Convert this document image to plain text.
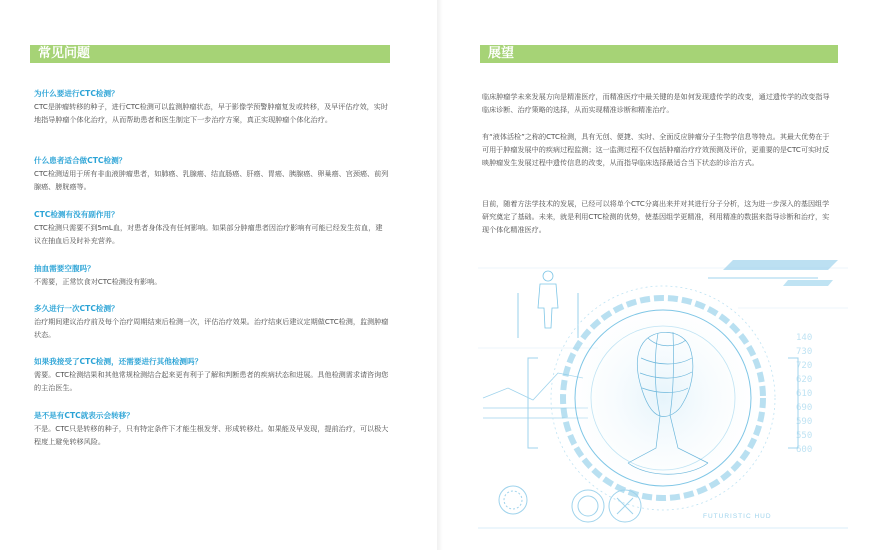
常见问题

为什么要进行CTC检测？

CTC是肿瘤转移的种子，进行CTC检测可以监测肿瘤状态，早于影像学预警肿瘤复发或转移，及早评估疗效，实时地指导肿瘤个体化治疗，从而帮助患者和医生制定下一步治疗方案，真正实现肿瘤个体化治疗。

什么患者适合做CTC检测？

CTC检测适用于所有非血液肿瘤患者，如肺癌、乳腺癌、结直肠癌、肝癌、胃癌、胰腺癌、卵巢癌、宫颈癌、前列腺癌、膀胱癌等。

CTC检测有没有副作用？

CTC检测只需要不到5mL血，对患者身体没有任何影响。如果部分肿瘤患者因治疗影响有可能已经发生贫血，建议在抽血后及时补充营养。

抽血需要空腹吗？

不需要，正常饮食对CTC检测没有影响。

多久进行一次CTC检测？

治疗期间建议治疗前及每个治疗周期结束后检测一次，评估治疗效果。治疗结束后建议定期做CTC检测，监测肿瘤状态。

如果我接受了CTC检测，还需要进行其他检测吗？

需要。CTC检测结果和其他常规检测结合起来更有利于了解和判断患者的疾病状态和进展。具他检测需求请咨询您的主治医生。

是不是有CTC就表示会转移？

不是。CTC只是转移的种子，只有特定条件下才能生根发芽、形成转移灶。如果能及早发现，提前治疗，可以极大程度上避免转移风险。

展望

临床肿瘤学未来发展方向是精准医疗，而精准医疗中最关键的是如何发现遗传学的改变，通过遗传学的改变指导临床诊断、治疗策略的选择，从而实现精准诊断和精准治疗。

有“液体活检”之称的CTC检测，具有无创、便捷、实时、全面反应肿瘤分子生物学信息等特点。其最大优势在于可用于肿瘤发展中的疾病过程监测；这一监测过程不仅包括肿瘤治疗疗效预测及评价，更重要的是CTC可实时反映肿瘤发生发展过程中遗传信息的改变，从而指导临床选择最适合当下状态的诊治方式。

目前，随着方法学技术的发展，已经可以将单个CTC分离出来并对其进行分子分析，这为进一步深入的基因组学研究奠定了基础。未来，就是利用CTC检测的优势，使基因组学更精准，利用精准的数据来指导诊断和治疗，实现个体化精准医疗。

140
730
720
620
610
690
590
550
600
FUTURISTIC HUD
